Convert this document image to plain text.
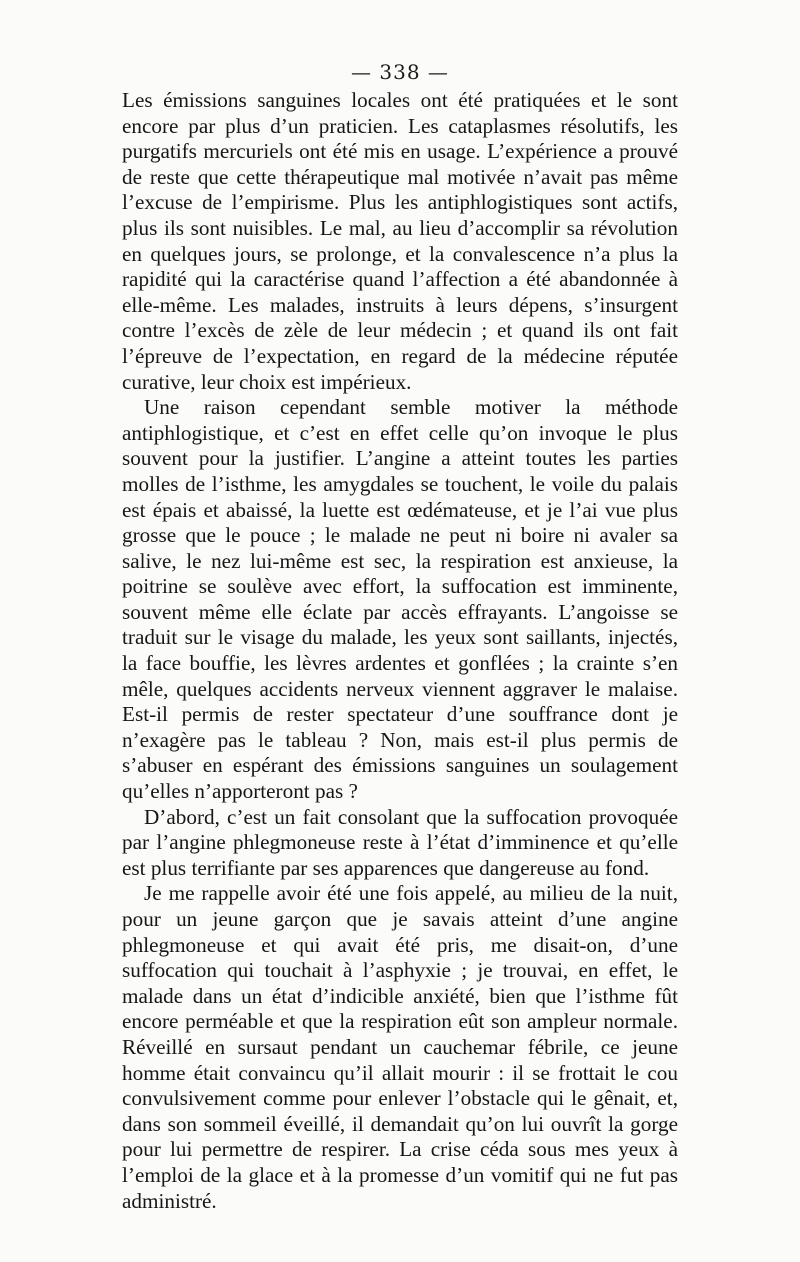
— 338 —

Les émissions sanguines locales ont été pratiquées et le sont encore par plus d’un praticien. Les cataplasmes résolutifs, les purgatifs mercuriels ont été mis en usage. L’expérience a prouvé de reste que cette thérapeutique mal motivée n’avait pas même l’excuse de l’empirisme. Plus les antiphlogistiques sont actifs, plus ils sont nuisibles. Le mal, au lieu d’accomplir sa révolution en quelques jours, se prolonge, et la convalescence n’a plus la rapidité qui la caractérise quand l’affection a été abandonnée à elle-même. Les malades, instruits à leurs dépens, s’insurgent contre l’excès de zèle de leur médecin ; et quand ils ont fait l’épreuve de l’expectation, en regard de la médecine réputée curative, leur choix est impérieux.

Une raison cependant semble motiver la méthode antiphlogistique, et c’est en effet celle qu’on invoque le plus souvent pour la justifier. L’angine a atteint toutes les parties molles de l’isthme, les amygdales se touchent, le voile du palais est épais et abaissé, la luette est œdémateuse, et je l’ai vue plus grosse que le pouce ; le malade ne peut ni boire ni avaler sa salive, le nez lui-même est sec, la respiration est anxieuse, la poitrine se soulève avec effort, la suffocation est imminente, souvent même elle éclate par accès effrayants. L’angoisse se traduit sur le visage du malade, les yeux sont saillants, injectés, la face bouffie, les lèvres ardentes et gonflées ; la crainte s’en mêle, quelques accidents nerveux viennent aggraver le malaise. Est-il permis de rester spectateur d’une souffrance dont je n’exagère pas le tableau ? Non, mais est-il plus permis de s’abuser en espérant des émissions sanguines un soulagement qu’elles n’apporteront pas ?

D’abord, c’est un fait consolant que la suffocation provoquée par l’angine phlegmoneuse reste à l’état d’imminence et qu’elle est plus terrifiante par ses apparences que dangereuse au fond.

Je me rappelle avoir été une fois appelé, au milieu de la nuit, pour un jeune garçon que je savais atteint d’une angine phlegmoneuse et qui avait été pris, me disait-on, d’une suffocation qui touchait à l’asphyxie ; je trouvai, en effet, le malade dans un état d’indicible anxiété, bien que l’isthme fût encore perméable et que la respiration eût son ampleur normale. Réveillé en sursaut pendant un cauchemar fébrile, ce jeune homme était convaincu qu’il allait mourir : il se frottait le cou convulsivement comme pour enlever l’obstacle qui le gênait, et, dans son sommeil éveillé, il demandait qu’on lui ouvrît la gorge pour lui permettre de respirer. La crise céda sous mes yeux à l’emploi de la glace et à la promesse d’un vomitif qui ne fut pas administré.
